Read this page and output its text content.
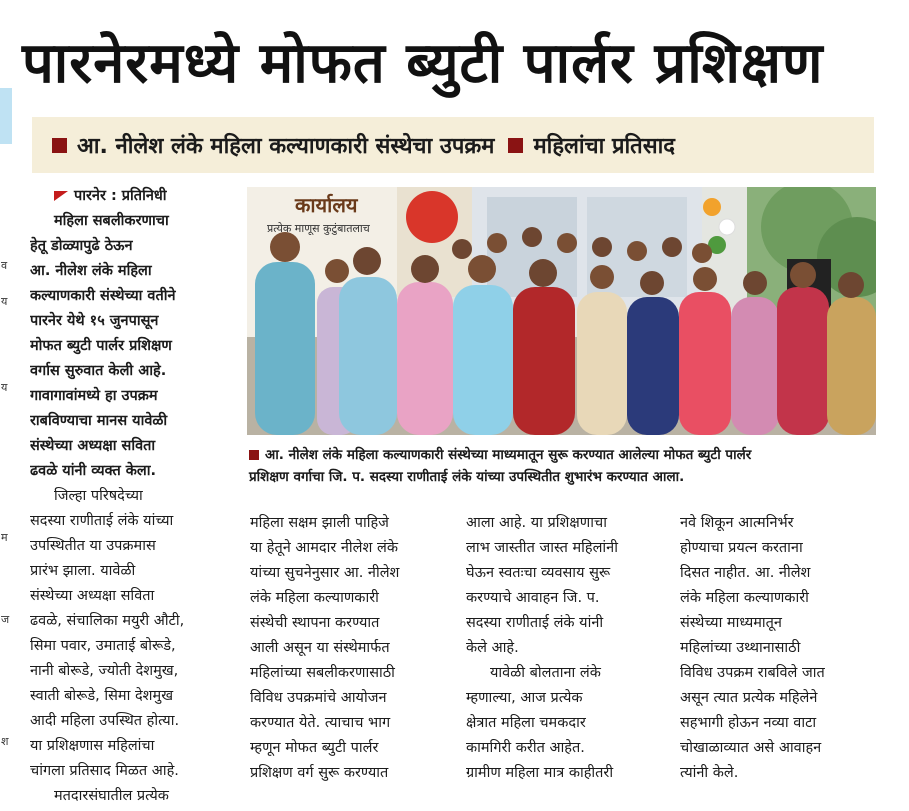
व
य
य
म
ज
श
पारनेरमध्ये मोफत ब्युटी पार्लर प्रशिक्षण
आ. नीलेश लंके महिला कल्याणकारी संस्थेचा उपक्रम महिलांचा प्रतिसाद
पारनेर : प्रतिनिधी
महिला सबलीकरणाचा
हेतू डोळ्यापुढे ठेऊन
आ. नीलेश लंके महिला
कल्याणकारी संस्थेच्या वतीने
पारनेर येथे १५ जुनपासून
मोफत ब्युटी पार्लर प्रशिक्षण
वर्गास सुरुवात केली आहे.
गावागावांमध्ये हा उपक्रम
राबविण्याचा मानस यावेळी
संस्थेच्या अध्यक्षा सविता
ढवळे यांनी व्यक्त केला.
जिल्हा परिषदेच्या
सदस्या राणीताई लंके यांच्या
उपस्थितीत या उपक्रमास
प्रारंभ झाला. यावेळी
संस्थेच्या अध्यक्षा सविता
ढवळे, संचालिका मयुरी औटी,
सिमा पवार, उमाताई बोरूडे,
नानी बोरूडे, ज्योती देशमुख,
स्वाती बोरूडे, सिमा देशमुख
आदी महिला उपस्थित होत्या.
या प्रशिक्षणास महिलांचा
चांगला प्रतिसाद मिळत आहे.
मतदारसंघातील प्रत्येक
कार्यालय
प्रत्येक माणूस कुटुंबातलाच
आ. नीलेश लंके महिला कल्याणकारी संस्थेच्या माध्यमातून सुरू करण्यात आलेल्या मोफत ब्युटी पार्लर
प्रशिक्षण वर्गाचा जि. प. सदस्या राणीताई लंके यांच्या उपस्थितीत शुभारंभ करण्यात आला.
महिला सक्षम झाली पाहिजे
या हेतूने आमदार नीलेश लंके
यांच्या सुचनेनुसार आ. नीलेश
लंके महिला कल्याणकारी
संस्थेची स्थापना करण्यात
आली असून या संस्थेमार्फत
महिलांच्या सबलीकरणासाठी
विविध उपक्रमांचे आयोजन
करण्यात येते. त्याचाच भाग
म्हणून मोफत ब्युटी पार्लर
प्रशिक्षण वर्ग सुरू करण्यात
आला आहे. या प्रशिक्षणाचा
लाभ जास्तीत जास्त महिलांनी
घेऊन स्वतःचा व्यवसाय सुरू
करण्याचे आवाहन जि. प.
सदस्या राणीताई लंके यांनी
केले आहे.
यावेळी बोलताना लंके
म्हणाल्या, आज प्रत्येक
क्षेत्रात महिला चमकदार
कामगिरी करीत आहेत.
ग्रामीण महिला मात्र काहीतरी
नवे शिकून आत्मनिर्भर
होण्याचा प्रयत्न करताना
दिसत नाहीत. आ. नीलेश
लंके महिला कल्याणकारी
संस्थेच्या माध्यमातून
महिलांच्या उथ्थानासाठी
विविध उपक्रम राबविले जात
असून त्यात प्रत्येक महिलेने
सहभागी होऊन नव्या वाटा
चोखाळाव्यात असे आवाहन
त्यांनी केले.
